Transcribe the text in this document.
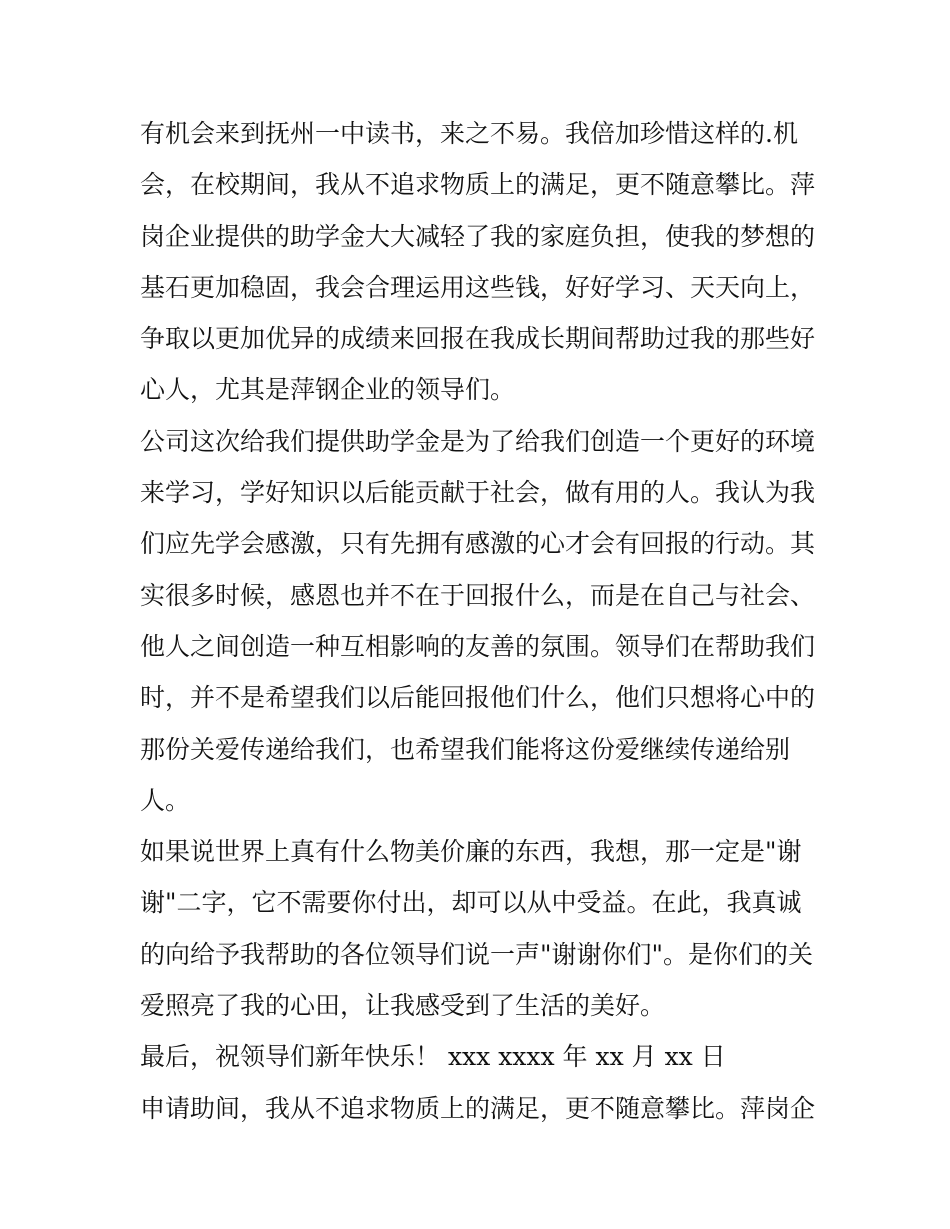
有机会来到抚州一中读书，来之不易。我倍加珍惜这样的.机
会，在校期间，我从不追求物质上的满足，更不随意攀比。萍
岗企业提供的助学金大大减轻了我的家庭负担，使我的梦想的
基石更加稳固，我会合理运用这些钱，好好学习、天天向上，
争取以更加优异的成绩来回报在我成长期间帮助过我的那些好
心人，尤其是萍钢企业的领导们。
公司这次给我们提供助学金是为了给我们创造一个更好的环境
来学习，学好知识以后能贡献于社会，做有用的人。我认为我
们应先学会感激，只有先拥有感激的心才会有回报的行动。其
实很多时候，感恩也并不在于回报什么，而是在自己与社会、
他人之间创造一种互相影响的友善的氛围。领导们在帮助我们
时，并不是希望我们以后能回报他们什么，他们只想将心中的
那份关爱传递给我们，也希望我们能将这份爱继续传递给别
人。
如果说世界上真有什么物美价廉的东西，我想，那一定是"谢
谢"二字，它不需要你付出，却可以从中受益。在此，我真诚
的向给予我帮助的各位领导们说一声"谢谢你们"。是你们的关
爱照亮了我的心田，让我感受到了生活的美好。
最后，祝领导们新年快乐！ xxx xxxx 年 xx 月 xx 日
申请助间，我从不追求物质上的满足，更不随意攀比。萍岗企
